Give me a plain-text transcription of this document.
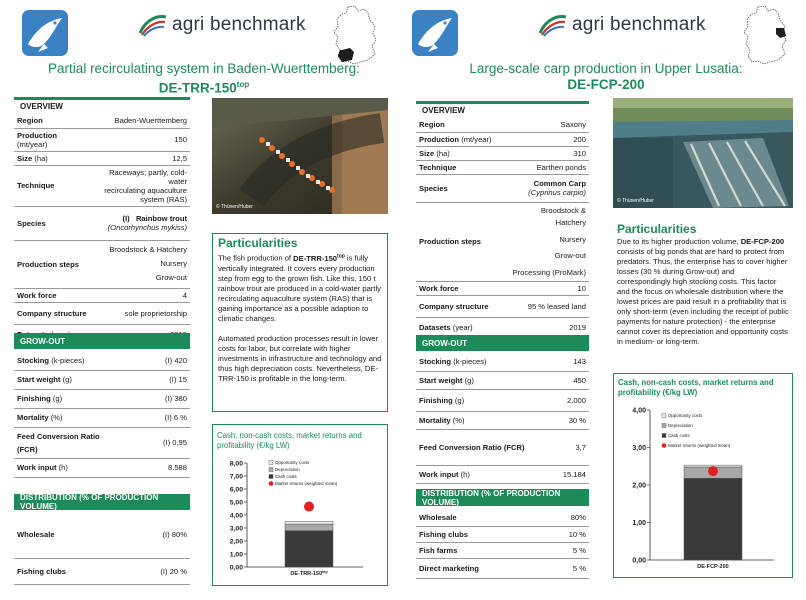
agri benchmark
Partial recirculating system in Baden-Wuerttemberg:
$DE-TRR-150^{top}$
OVERVIEW
Region	Baden-Wuerttemberg
Production (mt/year)	150
Size (ha)	12,5
Technique	Raceways; partly, cold-water
recirculating aquaculture
system (RAS)

Species	(I) Rainbow trout
(Oncorhynchus mykiss)

Production steps	Broodstock & Hatchery
Nursery
Grow-out

Work force	4
Company structure	sole proprietorship

GROW-OUT
Stocking (k-pieces)	(I) 420
Start weight (g)	(I) 15
Finishing (g)	(I) 380
Mortality (%)	(I) 6 %
Feed Conversion Ratio
(FCR)	(I) 0,95
Work input (h)	8.588
DISTRIBUTION (% OF PRODUCTION VOLUME)
Wholesale	(I) 80%
Fishing clubs	(I) 20 %
© Thünen/Huber
Particularities

The fish production of $DE-TRR-150^{top}$ is fully vertically integrated. It covers every production step from egg to the grown fish. Like this, 150 t rainbow trout are produced in a cold-water partly recirculating aquaculture system (RAS) that is gaining importance as a possible adaption to climatic changes.

Automated production processes result in lower costs for labor, but correlate with higher investments in infrastructure and technology and thus high depreciation costs. Nevertheless, DE-TRR-150 is profitable in the long-term.

Cash, non-cash costs, market returns and profitability (€/kg LW)
0,00
1,00
2,00
3,00
4,00
5,00
6,00
7,00
8,00
$DE-TRR-150^{top}$
Opportunity costs
Depreciation
Cash costs
Market returns (weighted mean)
agri benchmark
Large-scale carp production in Upper Lusatia:
DE-FCP-200
OVERVIEW
Region	Saxony
Production (mt/year)	200
Size (ha)	310
Technique	Earthen ponds
Species	Common Carp
(Cyprinus carpio)

Production steps	Broodstock &
Hatchery
Nursery
Grow-out
Processing (ProMark)

Work force	10
Company structure	95 % leased land
Datasets (year)	2019
GROW-OUT
Stocking (k-pieces)	143
Start weight (g)	450
Finishing (g)	2.000
Mortality (%)	30 %
Feed Conversion Ratio (FCR)	3,7
Work input (h)	15.184
DISTRIBUTION (% OF PRODUCTION VOLUME)
Wholesale	80%
Fishing clubs	10 %
Fish farms	5 %
Direct marketing	5 %
© Thünen/Huber
Particularities

Due to its higher production volume, DE-FCP-200 consists of big ponds that are hard to protect from predators. Thus, the enterprise has to cover higher losses (30 % during Grow-out) and correspondingly high stocking costs. This factor and the focus on wholesale distribution where the lowest prices are paid result in a profitability that is only short-term (even including the receipt of public payments for nature protection) - the enterprise cannot cover its depreciation and opportunity costs in medium- or long-term.

Cash, non-cash costs, market returns and profitability (€/kg LW)
0,00
1,00
2,00
3,00
4,00
DE-FCP-200
Opportunity costs
Depreciation
Cash costs
Market returns (weighted mean)
